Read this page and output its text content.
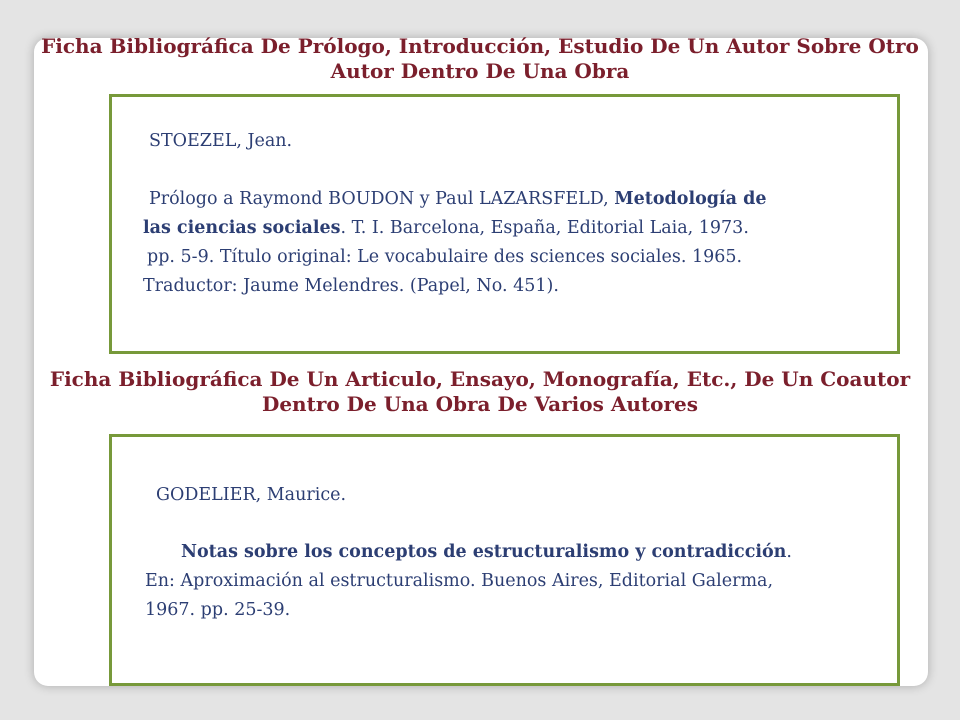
Ficha Bibliográfica De Prólogo, Introducción, Estudio De Un Autor Sobre Otro
Autor Dentro De Una Obra
STOEZEL, Jean.
Prólogo a Raymond BOUDON y Paul LAZARSFELD, Metodología de
las ciencias sociales. T. I. Barcelona, España, Editorial Laia, 1973.
pp. 5-9. Título original: Le vocabulaire des sciences sociales. 1965.
Traductor: Jaume Melendres. (Papel, No. 451).
Ficha Bibliográfica De Un Articulo, Ensayo, Monografía, Etc., De Un Coautor
Dentro De Una Obra De Varios Autores
GODELIER, Maurice.
Notas sobre los conceptos de estructuralismo y contradicción.
En: Aproximación al estructuralismo. Buenos Aires, Editorial Galerma,
1967. pp. 25-39.
